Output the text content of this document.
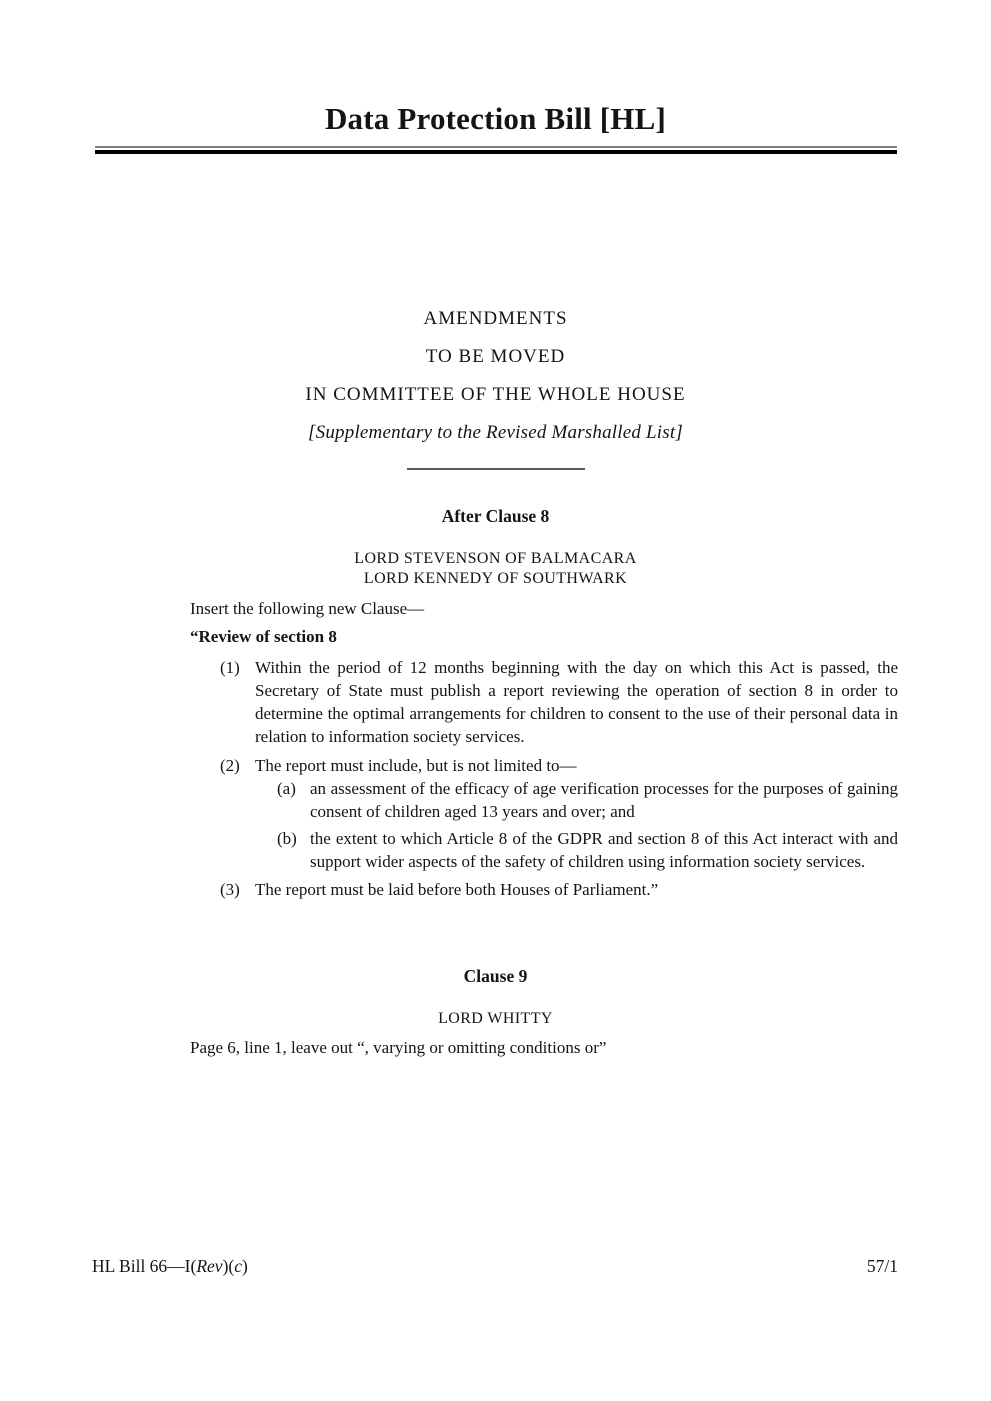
Data Protection Bill [HL]
AMENDMENTS
TO BE MOVED
IN COMMITTEE OF THE WHOLE HOUSE
[Supplementary to the Revised Marshalled List]
After Clause 8
LORD STEVENSON OF BALMACARA
LORD KENNEDY OF SOUTHWARK

Insert the following new Clause—

“Review of section 8

(1) Within the period of 12 months beginning with the day on which this Act is passed, the Secretary of State must publish a report reviewing the operation of section 8 in order to determine the optimal arrangements for children to consent to the use of their personal data in relation to information society services.
(2) The report must include, but is not limited to—
(a) an assessment of the efficacy of age verification processes for the purposes of gaining consent of children aged 13 years and over; and
(b) the extent to which Article 8 of the GDPR and section 8 of this Act interact with and support wider aspects of the safety of children using information society services.
(3) The report must be laid before both Houses of Parliament.”
Clause 9
LORD WHITTY

Page 6, line 1, leave out “, varying or omitting conditions or”

HL Bill 66—I(Rev)(c)	57/1
